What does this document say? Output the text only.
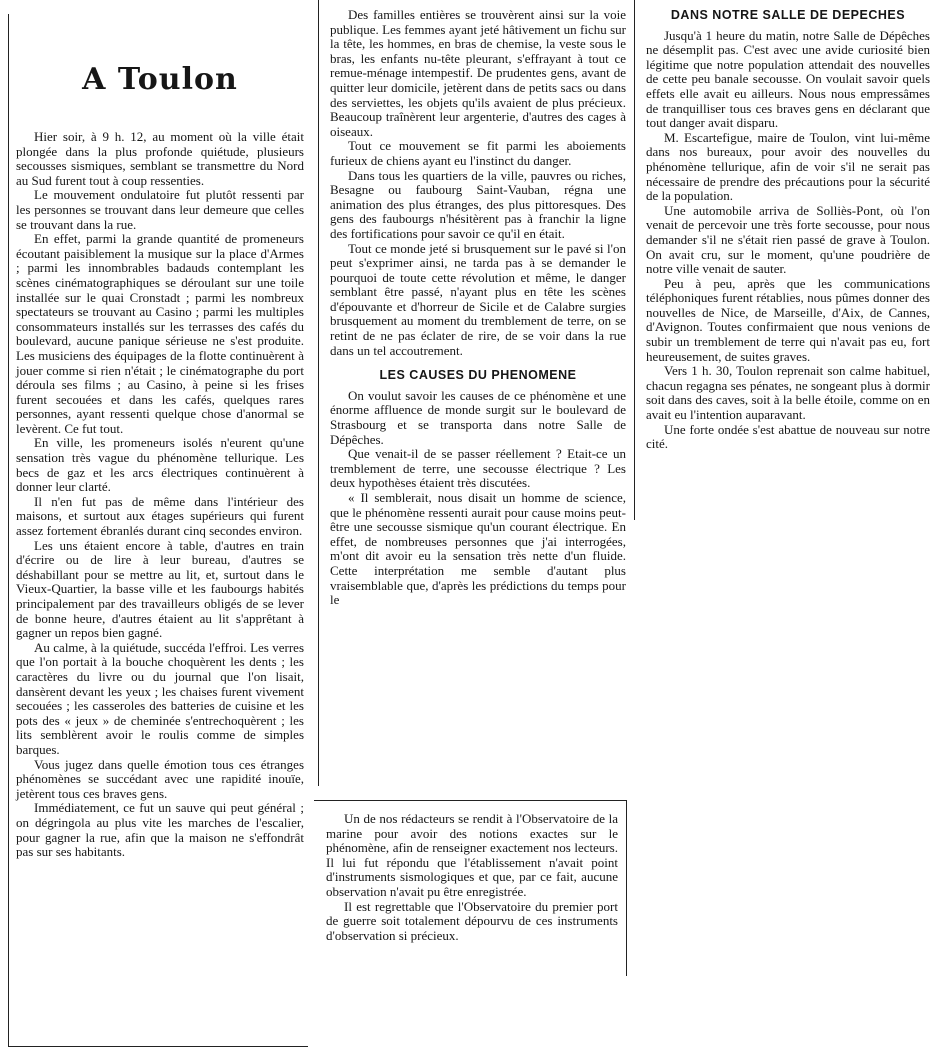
A Toulon

Hier soir, à 9 h. 12, au moment où la ville était plongée dans la plus profonde quiétude, plusieurs secousses sismiques, semblant se transmettre du Nord au Sud furent tout à coup ressenties.

Le mouvement ondulatoire fut plutôt ressenti par les personnes se trouvant dans leur demeure que celles se trouvant dans la rue.

En effet, parmi la grande quantité de promeneurs écoutant paisiblement la musique sur la place d'Armes ; parmi les innombrables badauds contemplant les scènes cinématographiques se déroulant sur une toile installée sur le quai Cronstadt ; parmi les nombreux spectateurs se trouvant au Casino ; parmi les multiples consommateurs installés sur les terrasses des cafés du boulevard, aucune panique sérieuse ne s'est produite. Les musiciens des équipages de la flotte continuèrent à jouer comme si rien n'était ; le cinématographe du port déroula ses films ; au Casino, à peine si les frises furent secouées et dans les cafés, quelques rares personnes, ayant ressenti quelque chose d'anormal se levèrent. Ce fut tout.

En ville, les promeneurs isolés n'eurent qu'une sensation très vague du phénomène tellurique. Les becs de gaz et les arcs électriques continuèrent à donner leur clarté.

Il n'en fut pas de même dans l'intérieur des maisons, et surtout aux étages supérieurs qui furent assez fortement ébranlés durant cinq secondes environ.

Les uns étaient encore à table, d'autres en train d'écrire ou de lire à leur bureau, d'autres se déshabillant pour se mettre au lit, et, surtout dans le Vieux-Quartier, la basse ville et les faubourgs habités principalement par des travailleurs obligés de se lever de bonne heure, d'autres étaient au lit s'apprêtant à gagner un repos bien gagné.

Au calme, à la quiétude, succéda l'effroi. Les verres que l'on portait à la bouche choquèrent les dents ; les caractères du livre ou du journal que l'on lisait, dansèrent devant les yeux ; les chaises furent vivement secouées ; les casseroles des batteries de cuisine et les pots des « jeux » de cheminée s'entrechoquèrent ; les lits semblèrent avoir le roulis comme de simples barques.

Vous jugez dans quelle émotion tous ces étranges phénomènes se succédant avec une rapidité inouïe, jetèrent tous ces braves gens.

Immédiatement, ce fut un sauve qui peut général ; on dégringola au plus vite les marches de l'escalier, pour gagner la rue, afin que la maison ne s'effondrât pas sur ses habitants.

Des familles entières se trouvèrent ainsi sur la voie publique. Les femmes ayant jeté hâtivement un fichu sur la tête, les hommes, en bras de chemise, la veste sous le bras, les enfants nu-tête pleurant, s'effrayant à tout ce remue-ménage intempestif. De prudentes gens, avant de quitter leur domicile, jetèrent dans de petits sacs ou dans des serviettes, les objets qu'ils avaient de plus précieux. Beaucoup traînèrent leur argenterie, d'autres des cages à oiseaux.

Tout ce mouvement se fit parmi les aboiements furieux de chiens ayant eu l'instinct du danger.

Dans tous les quartiers de la ville, pauvres ou riches, Besagne ou faubourg Saint-Vauban, régna une animation des plus étranges, des plus pittoresques. Des gens des faubourgs n'hésitèrent pas à franchir la ligne des fortifications pour savoir ce qu'il en était.

Tout ce monde jeté si brusquement sur le pavé si l'on peut s'exprimer ainsi, ne tarda pas à se demander le pourquoi de toute cette révolution et même, le danger semblant être passé, n'ayant plus en tête les scènes d'épouvante et d'horreur de Sicile et de Calabre surgies brusquement au moment du tremblement de terre, on se retint de ne pas éclater de rire, de se voir dans la rue dans un tel accoutrement.

LES CAUSES DU PHENOMENE

On voulut savoir les causes de ce phénomène et une énorme affluence de monde surgit sur le boulevard de Strasbourg et se transporta dans notre Salle de Dépêches.

Que venait-il de se passer réellement ? Etait-ce un tremblement de terre, une secousse électrique ? Les deux hypothèses étaient très discutées.

« Il semblerait, nous disait un homme de science, que le phénomène ressenti aurait pour cause moins peut-être une secousse sismique qu'un courant électrique. En effet, de nombreuses personnes que j'ai interrogées, m'ont dit avoir eu la sensation très nette d'un fluide. Cette interprétation me semble d'autant plus vraisemblable que, d'après les prédictions du temps pour le

Un de nos rédacteurs se rendit à l'Observatoire de la marine pour avoir des notions exactes sur le phénomène, afin de renseigner exactement nos lecteurs. Il lui fut répondu que l'établissement n'avait point d'instruments sismologiques et que, par ce fait, aucune observation n'avait pu être enregistrée.

Il est regrettable que l'Observatoire du premier port de guerre soit totalement dépourvu de ces instruments d'observation si précieux.

DANS NOTRE SALLE DE DEPECHES

Jusqu'à 1 heure du matin, notre Salle de Dépêches ne désemplit pas. C'est avec une avide curiosité bien légitime que notre population attendait des nouvelles de cette peu banale secousse. On voulait savoir quels effets elle avait eu ailleurs. Nous nous empressâmes de tranquilliser tous ces braves gens en déclarant que tout danger avait disparu.

M. Escartefigue, maire de Toulon, vint lui-même dans nos bureaux, pour avoir des nouvelles du phénomène tellurique, afin de voir s'il ne serait pas nécessaire de prendre des précautions pour la sécurité de la population.

Une automobile arriva de Solliès-Pont, où l'on venait de percevoir une très forte secousse, pour nous demander s'il ne s'était rien passé de grave à Toulon. On avait cru, sur le moment, qu'une poudrière de notre ville venait de sauter.

Peu à peu, après que les communications téléphoniques furent rétablies, nous pûmes donner des nouvelles de Nice, de Marseille, d'Aix, de Cannes, d'Avignon. Toutes confirmaient que nous venions de subir un tremblement de terre qui n'avait pas eu, fort heureusement, de suites graves.

Vers 1 h. 30, Toulon reprenait son calme habituel, chacun regagna ses pénates, ne songeant plus à dormir soit dans des caves, soit à la belle étoile, comme on en avait eu l'intention auparavant.

Une forte ondée s'est abattue de nouveau sur notre cité.
